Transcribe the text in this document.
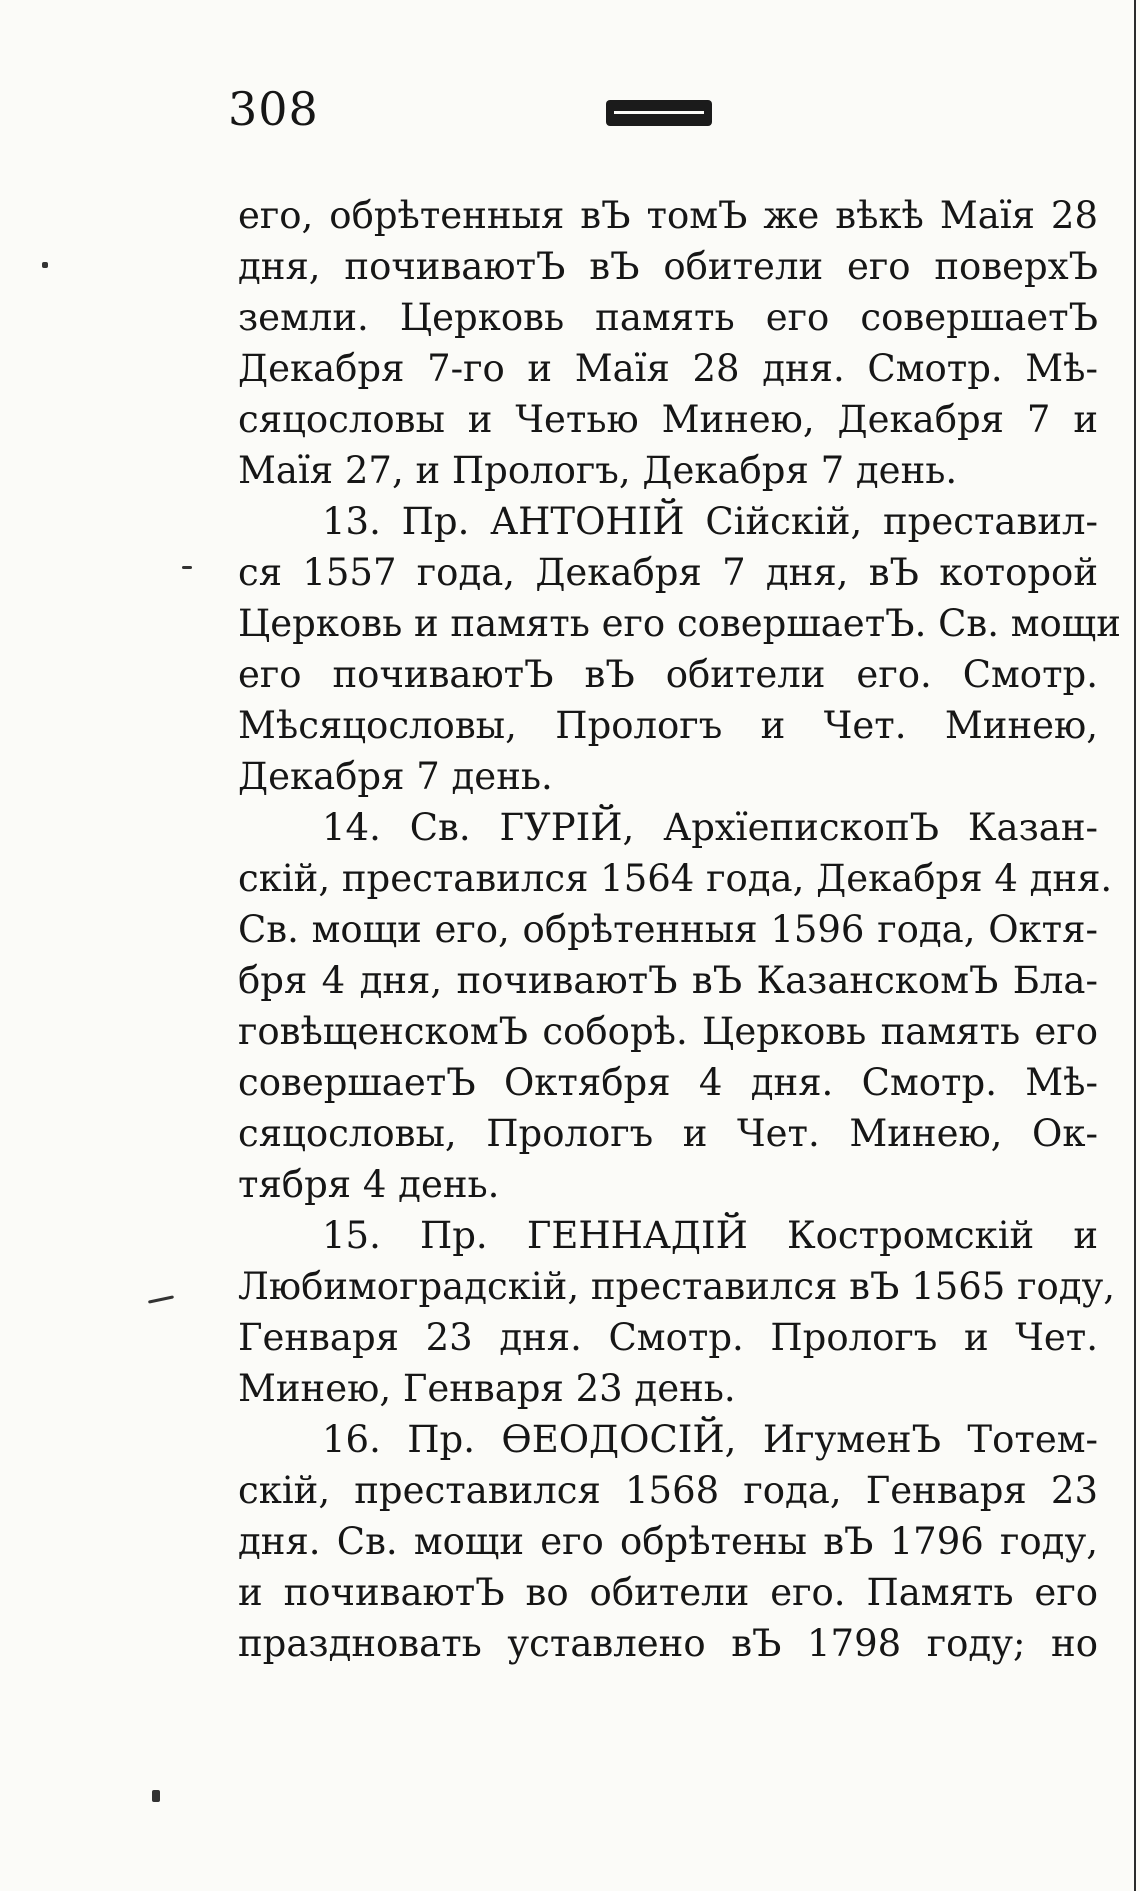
308
его, обрѣтенныя вЪ томЪ же вѣкѣ Маїя 28
дня, почиваютЪ вЪ обители его поверхЪ
земли. Церковь память его совершаетЪ
Декабря 7-го и Маїя 28 дня. Смотр. Мѣ-
сяцословы и Четью Минею, Декабря 7 и
Маїя 27, и Прологъ, Декабря 7 день.
13. Пр. АНТОНІЙ Сійскій, преставил-
ся 1557 года, Декабря 7 дня, вЪ которой
Церковь и память его совершаетЪ. Св. мощи
его почиваютЪ вЪ обители его. Смотр.
Мѣсяцословы, Прологъ и Чет. Минею,
Декабря 7 день.
14. Св. ГУРІЙ, АрхїепископЪ Казан-
скій, преставился 1564 года, Декабря 4 дня.
Св. мощи его, обрѣтенныя 1596 года, Октя-
бря 4 дня, почиваютЪ вЪ КазанскомЪ Бла-
говѣщенскомЪ соборѣ. Церковь память его
совершаетЪ Октября 4 дня. Смотр. Мѣ-
сяцословы, Прологъ и Чет. Минею, Ок-
тября 4 день.
15. Пр. ГЕННАДІЙ Костромскій и
Любимоградскій, преставился вЪ 1565 году,
Генваря 23 дня. Смотр. Прологъ и Чет.
Минею, Генваря 23 день.
16. Пр. ѲЕОДОСІЙ, ИгуменЪ Тотем-
скій, преставился 1568 года, Генваря 23
дня. Св. мощи его обрѣтены вЪ 1796 году,
и почиваютЪ во обители его. Память его
праздновать уставлено вЪ 1798 году; но
